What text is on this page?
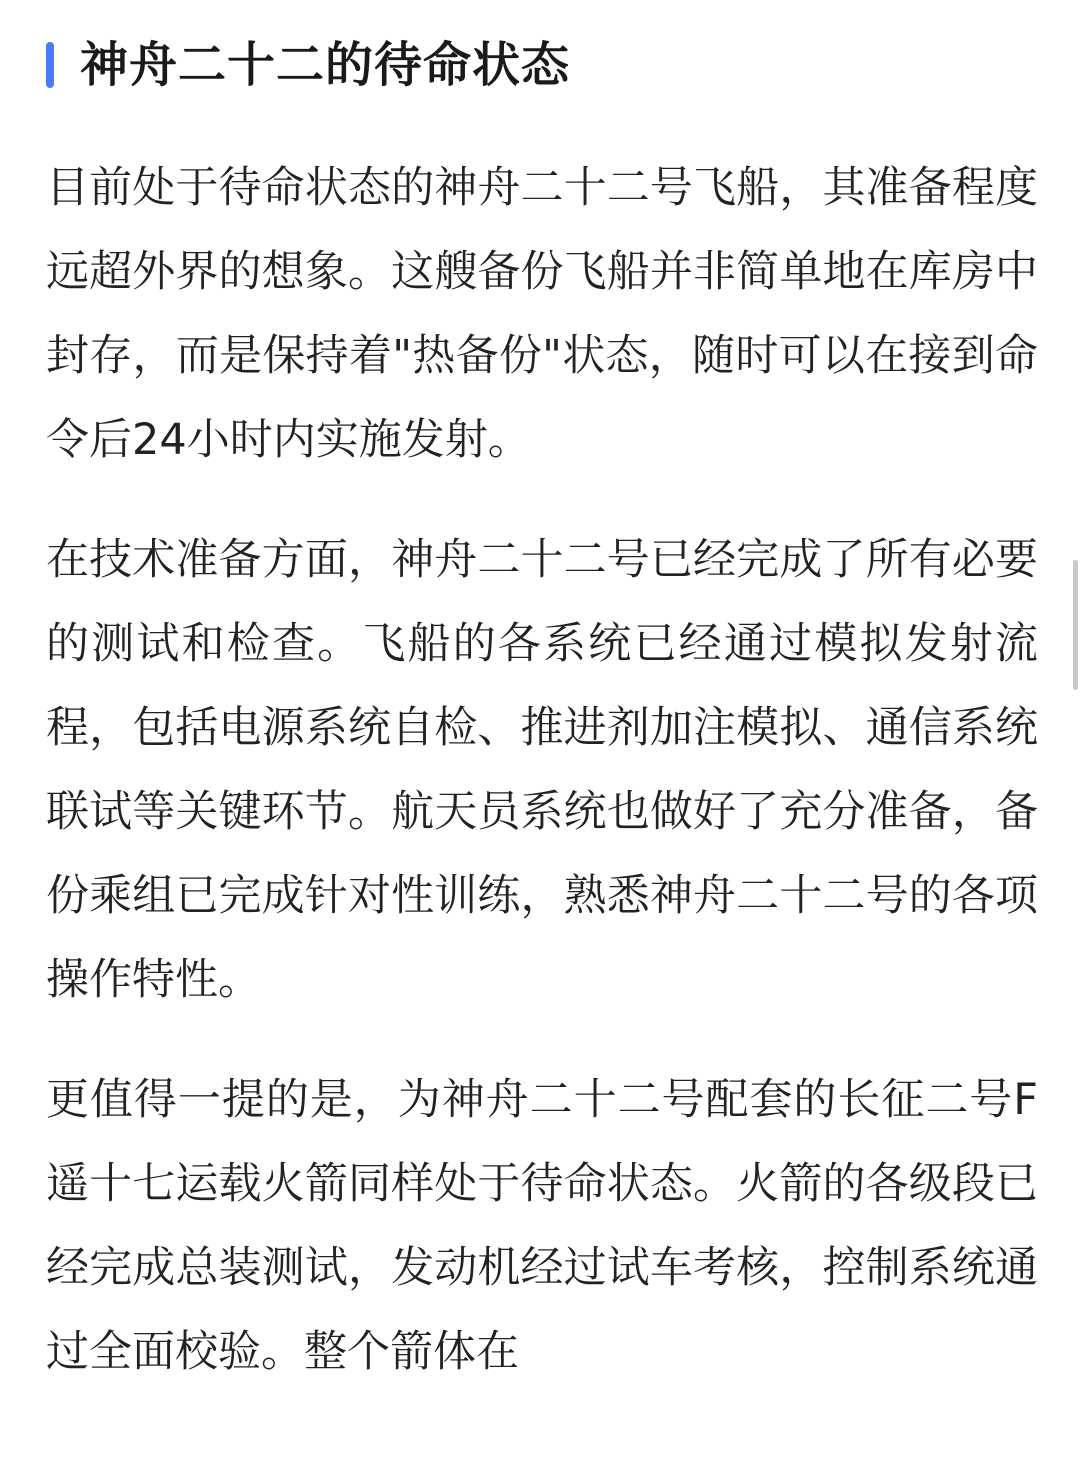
神舟二十二的待命状态

目前处于待命状态的神舟二十二号飞船，其准备程度远超外界的想象。这艘备份飞船并非简单地在库房中封存，而是保持着"热备份"状态，随时可以在接到命令后24小时内实施发射。

在技术准备方面，神舟二十二号已经完成了所有必要的测试和检查。飞船的各系统已经通过模拟发射流程，包括电源系统自检、推进剂加注模拟、通信系统联试等关键环节。航天员系统也做好了充分准备，备份乘组已完成针对性训练，熟悉神舟二十二号的各项操作特性。

更值得一提的是，为神舟二十二号配套的长征二号F遥十七运载火箭同样处于待命状态。火箭的各级段已经完成总装测试，发动机经过试车考核，控制系统通过全面校验。整个箭体在
